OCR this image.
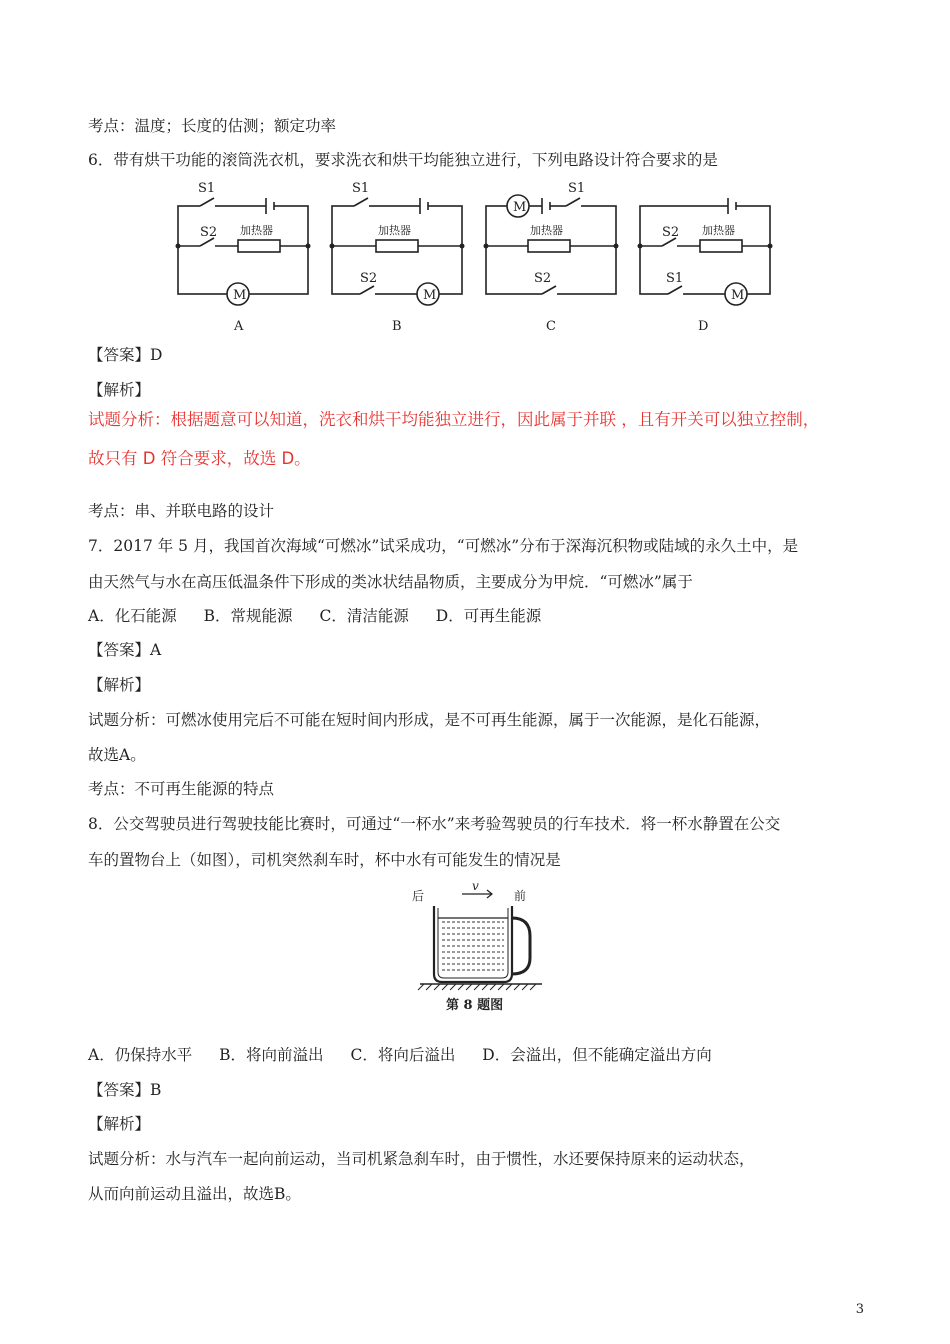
考点：温度；长度的估测；额定功率
6．带有烘干功能的滚筒洗衣机，要求洗衣和烘干均能独立进行，下列电路设计符合要求的是
S1
S2 加热器
M
A
S1
加热器
S2
M
B
M
S1
加热器
S2
C
S2 加热器
S1
M
D
【答案】D
【解析】
试题分析：根据题意可以知道，洗衣和烘干均能独立进行，因此属于并联 ，且有开关可以独立控制，
故只有 D 符合要求，故选 D。
考点：串、并联电路的设计
7．2017 年 5 月，我国首次海域“可燃冰”试采成功，“可燃冰”分布于深海沉积物或陆域的永久土中，是
由天然气与水在高压低温条件下形成的类冰状结晶物质，主要成分为甲烷．“可燃冰”属于
A．化石能源 B．常规能源 C．清洁能源 D．可再生能源
【答案】A
【解析】
试题分析：可燃冰使用完后不可能在短时间内形成，是不可再生能源，属于一次能源，是化石能源，
故选A。
考点：不可再生能源的特点
8．公交驾驶员进行驾驶技能比赛时，可通过“一杯水”来考验驾驶员的行车技术．将一杯水静置在公交
车的置物台上（如图），司机突然刹车时，杯中水有可能发生的情况是
后	前
v
第 8 题图
A．仍保持水平 B．将向前溢出 C．将向后溢出 D．会溢出，但不能确定溢出方向
【答案】B
【解析】
试题分析：水与汽车一起向前运动，当司机紧急刹车时，由于惯性，水还要保持原来的运动状态，
从而向前运动且溢出，故选B。
3
